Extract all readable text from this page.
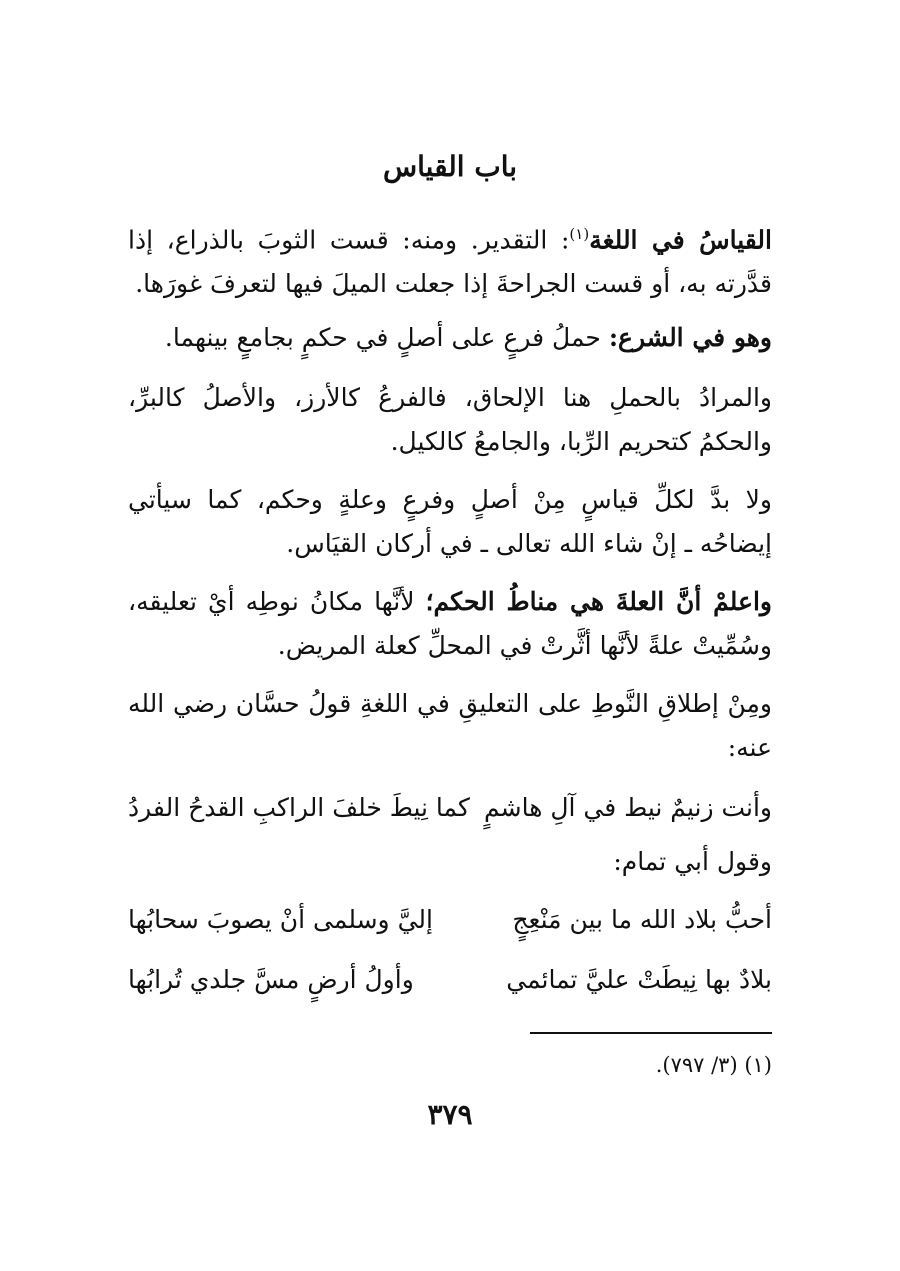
باب القياس
القياسُ في اللغة$^{(١)}$: التقدير. ومنه: قست الثوبَ بالذراع، إذا قدَّرته به، أو قست الجراحةَ إذا جعلت الميلَ فيها لتعرفَ غورَها.
وهو في الشرع: حملُ فرعٍ على أصلٍ في حكمٍ بجامعٍ بينهما.
والمرادُ بالحملِ هنا الإلحاق، فالفرعُ كالأرز، والأصلُ كالبرِّ، والحكمُ كتحريم الرِّبا، والجامعُ كالكيل.
ولا بدَّ لكلِّ قياسٍ مِنْ أصلٍ وفرعٍ وعلةٍ وحكم، كما سيأتي إيضاحُه ـ إنْ شاء الله تعالى ـ في أركان القيَاس.
واعلمْ أنَّ العلةَ هي مناطُ الحكم؛ لأنَّها مكانُ نوطِه أيْ تعليقه، وسُمِّيتْ علةً لأنَّها أثَّرتْ في المحلِّ كعلة المريض.
ومِنْ إطلاقِ النَّوطِ على التعليقِ في اللغةِ قولُ حسَّان رضي الله عنه:
وأنت زنيمٌ نيط في آلِ هاشمٍ
كما نِيطَ خلفَ الراكبِ القدحُ الفردُ
وقول أبي تمام:
أحبُّ بلاد الله ما بين مَنْعِجٍ
إليَّ وسلمى أنْ يصوبَ سحابُها
بلادٌ بها نِيطَتْ عليَّ تمائمي
وأولُ أرضٍ مسَّ جلدي تُرابُها
(١) (٣/ ٧٩٧).
٣٧٩
